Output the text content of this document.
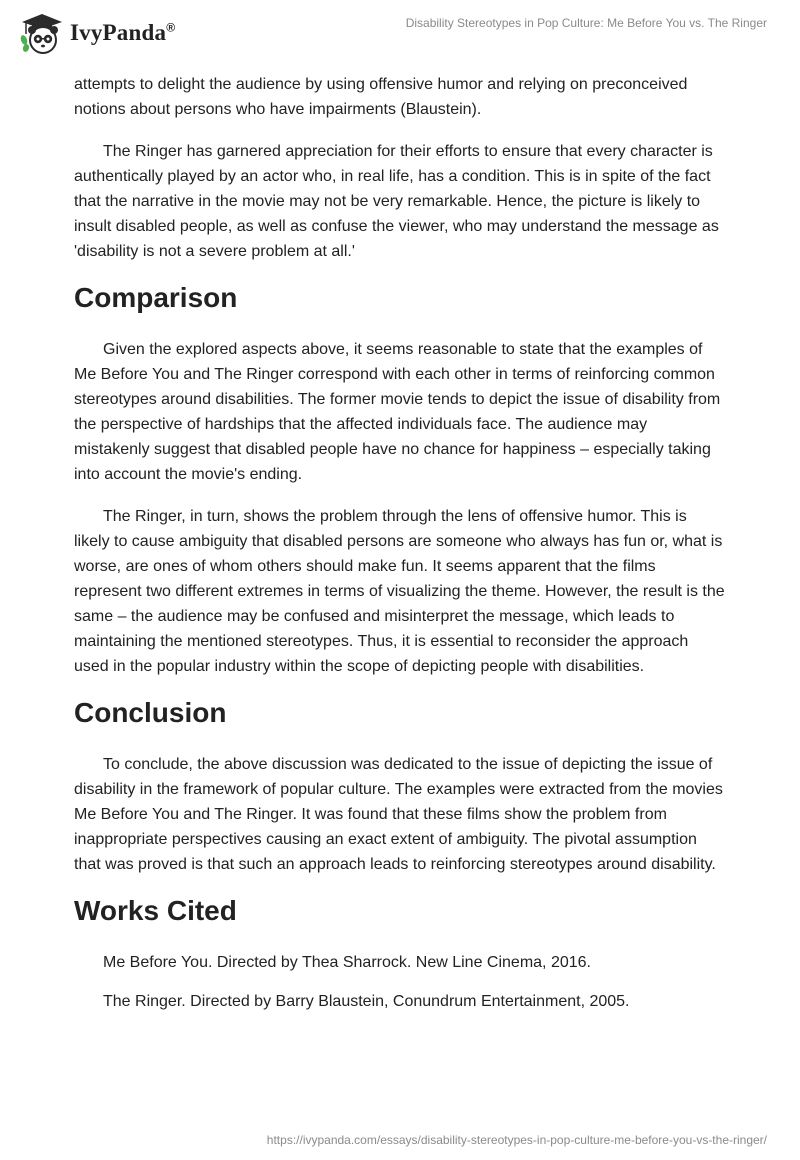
IvyPanda®	Disability Stereotypes in Pop Culture: Me Before You vs. The Ringer

attempts to delight the audience by using offensive humor and relying on preconceived notions about persons who have impairments (Blaustein).

The Ringer has garnered appreciation for their efforts to ensure that every character is authentically played by an actor who, in real life, has a condition. This is in spite of the fact that the narrative in the movie may not be very remarkable. Hence, the picture is likely to insult disabled people, as well as confuse the viewer, who may understand the message as 'disability is not a severe problem at all.'

Comparison

Given the explored aspects above, it seems reasonable to state that the examples of Me Before You and The Ringer correspond with each other in terms of reinforcing common stereotypes around disabilities. The former movie tends to depict the issue of disability from the perspective of hardships that the affected individuals face. The audience may mistakenly suggest that disabled people have no chance for happiness – especially taking into account the movie's ending.

The Ringer, in turn, shows the problem through the lens of offensive humor. This is likely to cause ambiguity that disabled persons are someone who always has fun or, what is worse, are ones of whom others should make fun. It seems apparent that the films represent two different extremes in terms of visualizing the theme. However, the result is the same – the audience may be confused and misinterpret the message, which leads to maintaining the mentioned stereotypes. Thus, it is essential to reconsider the approach used in the popular industry within the scope of depicting people with disabilities.

Conclusion

To conclude, the above discussion was dedicated to the issue of depicting the issue of disability in the framework of popular culture. The examples were extracted from the movies Me Before You and The Ringer. It was found that these films show the problem from inappropriate perspectives causing an exact extent of ambiguity. The pivotal assumption that was proved is that such an approach leads to reinforcing stereotypes around disability.

Works Cited

Me Before You. Directed by Thea Sharrock. New Line Cinema, 2016.

The Ringer. Directed by Barry Blaustein, Conundrum Entertainment, 2005.

https://ivypanda.com/essays/disability-stereotypes-in-pop-culture-me-before-you-vs-the-ringer/
